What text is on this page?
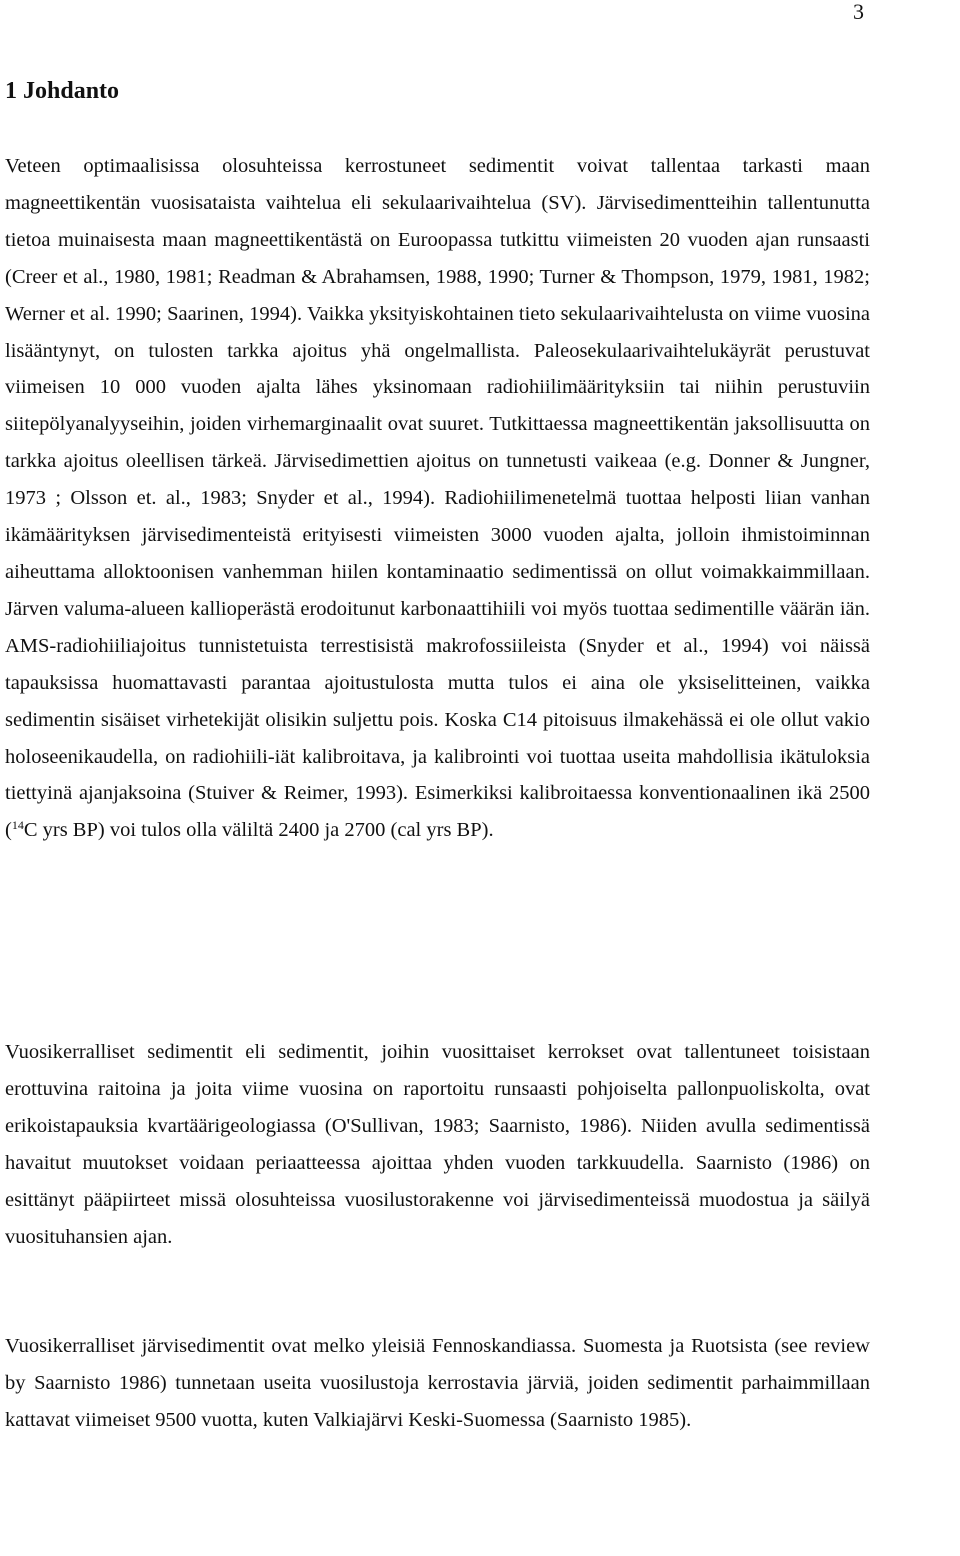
3
1 Johdanto

Veteen optimaalisissa olosuhteissa kerrostuneet sedimentit voivat tallentaa tarkasti maan magneettikentän vuosisataista vaihtelua eli sekulaarivaihtelua (SV). Järvisedimentteihin tallentunutta tietoa muinaisesta maan magneettikentästä on Euroopassa tutkittu viimeisten 20 vuoden ajan runsaasti (Creer et al., 1980, 1981; Readman & Abrahamsen, 1988, 1990; Turner & Thompson, 1979, 1981, 1982; Werner et al. 1990; Saarinen, 1994). Vaikka yksityiskohtainen tieto sekulaarivaihtelusta on viime vuosina lisääntynyt, on tulosten tarkka ajoitus yhä ongelmallista. Paleosekulaarivaihtelukäyrät perustuvat viimeisen 10 000 vuoden ajalta lähes yksinomaan radiohiilimäärityksiin tai niihin perustuviin siitepölyanalyyseihin, joiden virhemarginaalit ovat suuret. Tutkittaessa magneettikentän jaksollisuutta on tarkka ajoitus oleellisen tärkeä. Järvisedimettien ajoitus on tunnetusti vaikeaa (e.g. Donner & Jungner, 1973 ; Olsson et. al., 1983; Snyder et al., 1994). Radiohiilimenetelmä tuottaa helposti liian vanhan ikämäärityksen järvisedimenteistä erityisesti viimeisten 3000 vuoden ajalta, jolloin ihmistoiminnan aiheuttama alloktoonisen vanhemman hiilen kontaminaatio sedimentissä on ollut voimakkaimmillaan. Järven valuma-alueen kallioperästä erodoitunut karbonaattihiili voi myös tuottaa sedimentille väärän iän. AMS-radiohiiliajoitus tunnistetuista terrestisistä makrofossiileista (Snyder et al., 1994) voi näissä tapauksissa huomattavasti parantaa ajoitustulosta mutta tulos ei aina ole yksiselitteinen, vaikka sedimentin sisäiset virhetekijät olisikin suljettu pois. Koska C14 pitoisuus ilmakehässä ei ole ollut vakio holoseenikaudella, on radiohiili-iät kalibroitava, ja kalibrointi voi tuottaa useita mahdollisia ikätuloksia tiettyinä ajanjaksoina (Stuiver & Reimer, 1993). Esimerkiksi kalibroitaessa konventionaalinen ikä 2500 ($^{14}$C yrs BP) voi tulos olla väliltä 2400 ja 2700 (cal yrs BP).

Vuosikerralliset sedimentit eli sedimentit, joihin vuosittaiset kerrokset ovat tallentuneet toisistaan erottuvina raitoina ja joita viime vuosina on raportoitu runsaasti pohjoiselta pallonpuoliskolta, ovat erikoistapauksia kvartäärigeologiassa (O'Sullivan, 1983; Saarnisto, 1986). Niiden avulla sedimentissä havaitut muutokset voidaan periaatteessa ajoittaa yhden vuoden tarkkuudella. Saarnisto (1986) on esittänyt pääpiirteet missä olosuhteissa vuosilustorakenne voi järvisedimenteissä muodostua ja säilyä vuosituhansien ajan.

Vuosikerralliset järvisedimentit ovat melko yleisiä Fennoskandiassa. Suomesta ja Ruotsista (see review by Saarnisto 1986) tunnetaan useita vuosilustoja kerrostavia järviä, joiden sedimentit parhaimmillaan kattavat viimeiset 9500 vuotta, kuten Valkiajärvi Keski-Suomessa (Saarnisto 1985).
